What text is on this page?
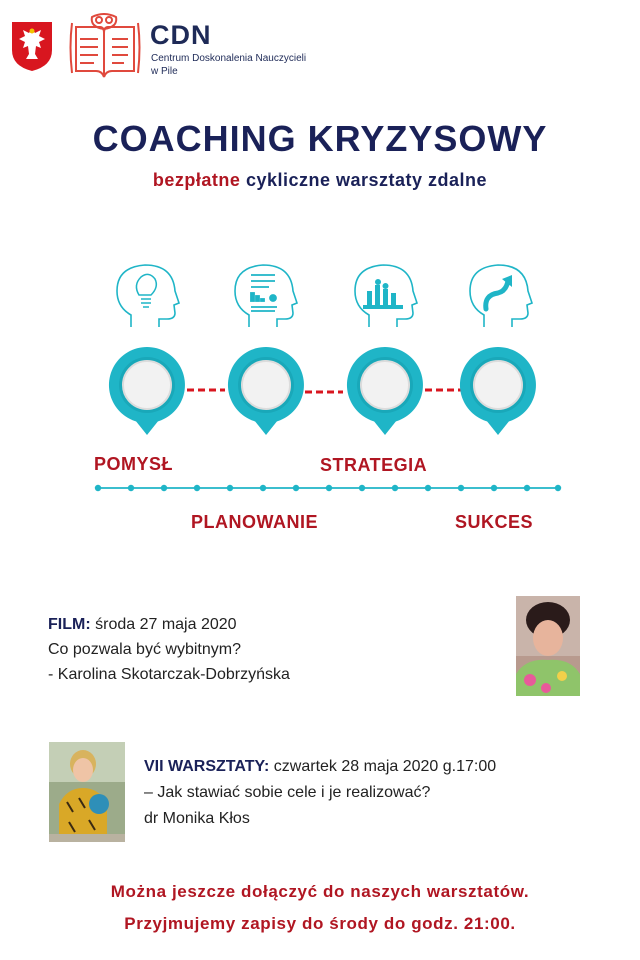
CDN
Centrum Doskonalenia Nauczycieli
w Pile
COACHING KRYZYSOWY
bezpłatne cykliczne warsztaty zdalne
POMYSŁ
PLANOWANIE
STRATEGIA
SUKCES
FILM: środa 27 maja 2020
Co pozwala być wybitnym?
- Karolina Skotarczak-Dobrzyńska
VII WARSZTATY: czwartek 28 maja 2020 g.17:00
– Jak stawiać sobie cele i je realizować?
dr Monika Kłos
Można jeszcze dołączyć do naszych warsztatów.
Przyjmujemy zapisy do środy do godz. 21:00.
